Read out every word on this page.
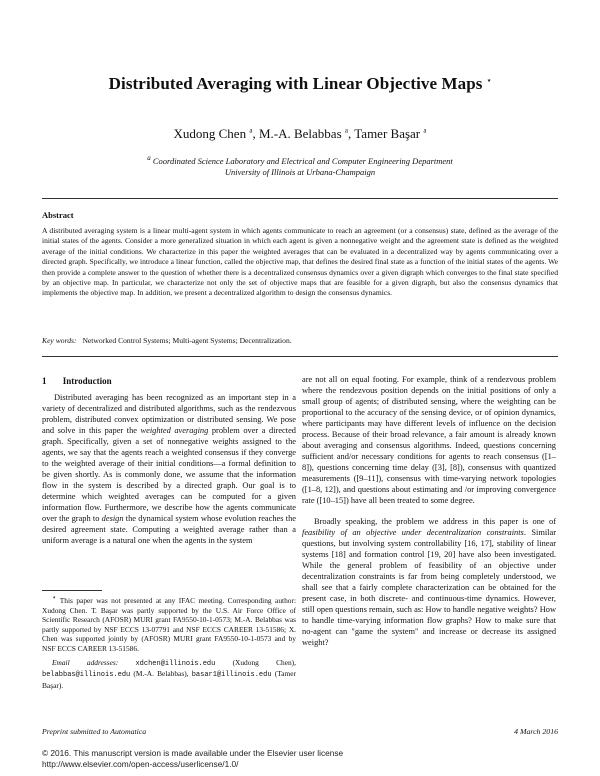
Distributed Averaging with Linear Objective Maps ⋆
Xudong Chen $^a$, M.-A. Belabbas $^a$, Tamer Başar $^a$
$^a$ Coordinated Science Laboratory and Electrical and Computer Engineering Department
University of Illinois at Urbana-Champaign
Abstract
A distributed averaging system is a linear multi-agent system in which agents communicate to reach an agreement (or a consensus) state, defined as the average of the initial states of the agents. Consider a more generalized situation in which each agent is given a nonnegative weight and the agreement state is defined as the weighted average of the initial conditions. We characterize in this paper the weighted averages that can be evaluated in a decentralized way by agents communicating over a directed graph. Specifically, we introduce a linear function, called the objective map, that defines the desired final state as a function of the initial states of the agents. We then provide a complete answer to the question of whether there is a decentralized consensus dynamics over a given digraph which converges to the final state specified by an objective map. In particular, we characterize not only the set of objective maps that are feasible for a given digraph, but also the consensus dynamics that implements the objective map. In addition, we present a decentralized algorithm to design the consensus dynamics.
Key words: Networked Control Systems; Multi-agent Systems; Decentralization.
1 Introduction

Distributed averaging has been recognized as an important step in a variety of decentralized and distributed algorithms, such as the rendezvous problem, distributed convex optimization or distributed sensing. We pose and solve in this paper the weighted averaging problem over a directed graph. Specifically, given a set of nonnegative weights assigned to the agents, we say that the agents reach a weighted consensus if they converge to the weighted average of their initial conditions—a formal definition to be given shortly. As is commonly done, we assume that the information flow in the system is described by a directed graph. Our goal is to determine which weighted averages can be computed for a given information flow. Furthermore, we describe how the agents communicate over the graph to design the dynamical system whose evolution reaches the desired agreement state. Computing a weighted average rather than a uniform average is a natural one when the agents in the system

are not all on equal footing. For example, think of a rendezvous problem where the rendezvous position depends on the initial positions of only a small group of agents; of distributed sensing, where the weighting can be proportional to the accuracy of the sensing device, or of opinion dynamics, where participants may have different levels of influence on the decision process. Because of their broad relevance, a fair amount is already known about averaging and consensus algorithms. Indeed, questions concerning sufficient and/or necessary conditions for agents to reach consensus ([1–8]), questions concerning time delay ([3], [8]), consensus with quantized measurements ([9–11]), consensus with time-varying network topologies ([1–8, 12]), and questions about estimating and /or improving convergence rate ([10–15]) have all been treated to some degree.

Broadly speaking, the problem we address in this paper is one of feasibility of an objective under decentralization constraints. Similar questions, but involving system controllability [16, 17], stability of linear systems [18] and formation control [19, 20] have also been investigated. While the general problem of feasibility of an objective under decentralization constraints is far from being completely understood, we shall see that a fairly complete characterization can be obtained for the present case, in both discrete- and continuous-time dynamics. However, still open questions remain, such as: How to handle negative weights? How to handle time-varying information flow graphs? How to make sure that no-agent can "game the system" and increase or decrease its assigned weight?

⋆ This paper was not presented at any IFAC meeting. Corresponding author: Xudong Chen. T. Başar was partly supported by the U.S. Air Force Office of Scientific Research (AFOSR) MURI grant FA9550-10-1-0573; M.-A. Belabbas was partly supported by NSF ECCS 13-07791 and NSF ECCS CAREER 13-51586; X. Chen was supported jointly by (AFOSR) MURI grant FA9550-10-1-0573 and by NSF ECCS CAREER 13-51586.

Email addresses: xdchen@illinois.edu (Xudong Chen), belabbas@illinois.edu (M.-A. Belabbas), basar1@illinois.edu (Tamer Başar).

Preprint submitted to Automatica	4 March 2016
© 2016. This manuscript version is made available under the Elsevier user license
http://www.elsevier.com/open-access/userlicense/1.0/
